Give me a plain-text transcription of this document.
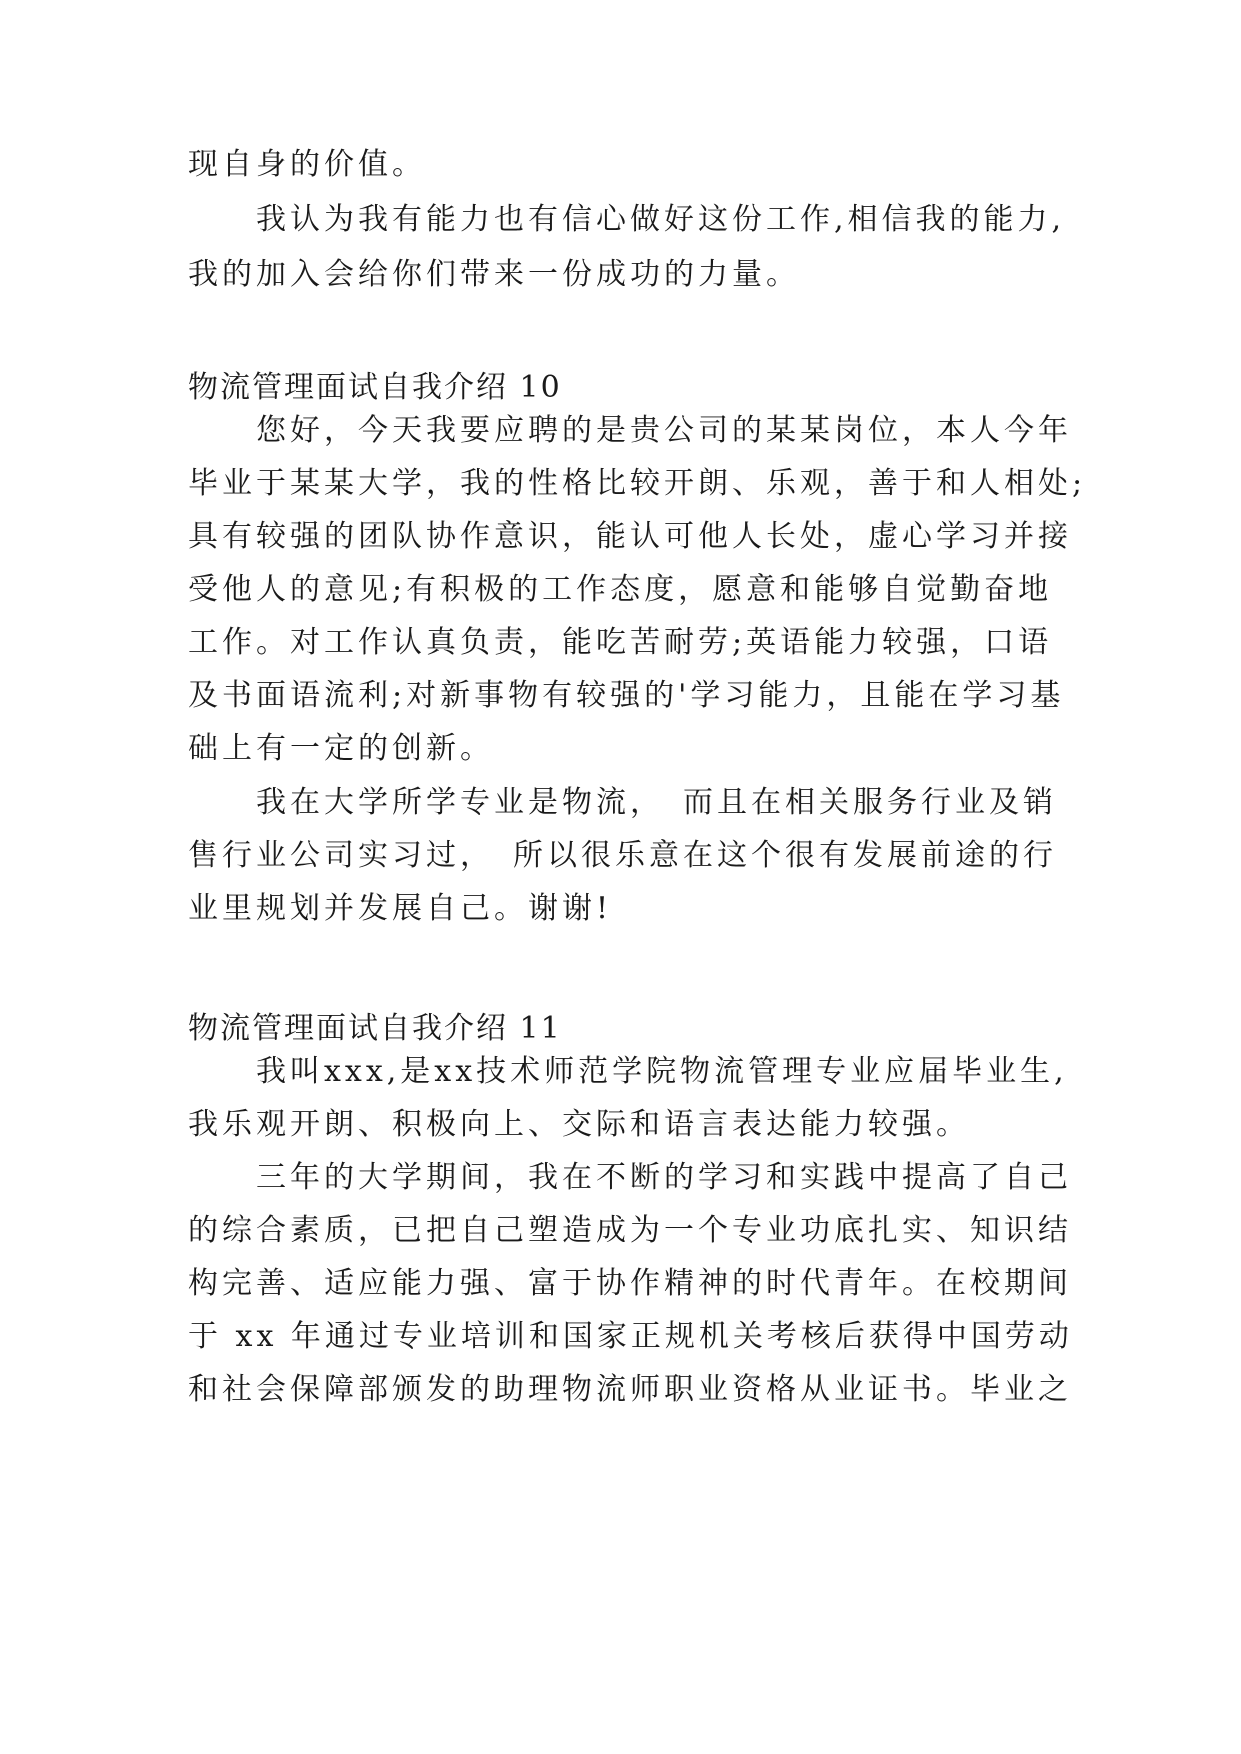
现自身的价值。
我认为我有能力也有信心做好这份工作,相信我的能力,
我的加入会给你们带来一份成功的力量。
物流管理面试自我介绍 10
您好，今天我要应聘的是贵公司的某某岗位，本人今年
毕业于某某大学，我的性格比较开朗、乐观，善于和人相处;
具有较强的团队协作意识，能认可他人长处，虚心学习并接
受他人的意见;有积极的工作态度，愿意和能够自觉勤奋地
工作。对工作认真负责，能吃苦耐劳;英语能力较强，口语
及书面语流利;对新事物有较强的'学习能力，且能在学习基
础上有一定的创新。
我在大学所学专业是物流，　而且在相关服务行业及销
售行业公司实习过，　所以很乐意在这个很有发展前途的行
业里规划并发展自己。谢谢!
物流管理面试自我介绍 11
我叫xxx,是xx技术师范学院物流管理专业应届毕业生,
我乐观开朗、积极向上、交际和语言表达能力较强。
三年的大学期间，我在不断的学习和实践中提高了自己
的综合素质，已把自己塑造成为一个专业功底扎实、知识结
构完善、适应能力强、富于协作精神的时代青年。在校期间
于 xx 年通过专业培训和国家正规机关考核后获得中国劳动
和社会保障部颁发的助理物流师职业资格从业证书。毕业之
